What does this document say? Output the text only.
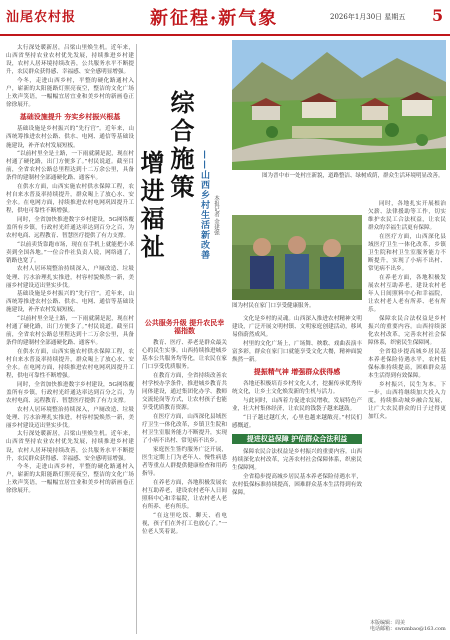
汕尾农村报	新征程·新气象	2026年1月30日 星期五 5

太行深处暖新居，吕梁山里焕生机。近年来，山西省坚持农业农村优先发展，持续推进乡村建设，农村人居环境持续改善，公共服务水平不断提升，农民群众获得感、幸福感、安全感明显增强。

今冬，走进山西乡村，平整的硬化路通村入户，崭新的太阳能路灯照亮夜空，整洁的文化广场上欢声笑语，一幅幅宜居宜业和美乡村的新画卷正徐徐展开。

基础设施提升 夯实乡村振兴根基

基础设施是乡村振兴的“先行官”。近年来，山西统筹推进农村公路、供水、电网、通信等基础设施建设，补齐农村发展短板。

“以前村里全是土路，一下雨就满是泥，现在村村通了硬化路，出门方便多了。”村民说道。截至目前，全省农村公路总里程达到十二万余公里，具备条件的建制村全部通硬化路、通客车。

在供水方面，山西实施农村供水保障工程，农村自来水普及率持续提升，群众喝上了放心水、安全水。在电网方面，持续推进农村电网巩固提升工程，供电可靠性不断增强。

同时，全省加快推进数字乡村建设，5G网络覆盖所有乡镇，行政村光纤通达率达到百分之百，为农村电商、远程教育、智慧医疗提供了有力支撑。

“以前卖货靠跑市场，现在在手机上就能把小米卖到全国各地。”一位合作社负责人说，网络通了，销路也宽了。

农村人居环境整治持续深入，户厕改造、垃圾处理、污水治理扎实推进，村容村貌焕然一新，美丽乡村建设迈出坚实步伐。

基础设施是乡村振兴的“先行官”。近年来，山西统筹推进农村公路、供水、电网、通信等基础设施建设，补齐农村发展短板。

“以前村里全是土路，一下雨就满是泥，现在村村通了硬化路，出门方便多了。”村民说道。截至目前，全省农村公路总里程达到十二万余公里，具备条件的建制村全部通硬化路、通客车。

在供水方面，山西实施农村供水保障工程，农村自来水普及率持续提升，群众喝上了放心水、安全水。在电网方面，持续推进农村电网巩固提升工程，供电可靠性不断增强。

同时，全省加快推进数字乡村建设，5G网络覆盖所有乡镇，行政村光纤通达率达到百分之百，为农村电商、远程教育、智慧医疗提供了有力支撑。

农村人居环境整治持续深入，户厕改造、垃圾处理、污水治理扎实推进，村容村貌焕然一新，美丽乡村建设迈出坚实步伐。

太行深处暖新居，吕梁山里焕生机。近年来，山西省坚持农业农村优先发展，持续推进乡村建设，农村人居环境持续改善，公共服务水平不断提升，农民群众获得感、幸福感、安全感明显增强。

今冬，走进山西乡村，平整的硬化路通村入户，崭新的太阳能路灯照亮夜空，整洁的文化广场上欢声笑语，一幅幅宜居宜业和美乡村的新画卷正徐徐展开。

综合施策
增进福祉	——山西乡村生活新改善 本报记者 金建强
图为晋中市一处村庄新貌，道路整洁、绿树成荫，群众生活环境明显改善。
图为村民在家门口享受健康服务。
公共服务升级 提升农民幸福指数

教育、医疗、养老是群众最关心的民生实事。山西持续推进城乡基本公共服务均等化，让农民在家门口享受优质服务。

在教育方面，全省持续改善农村学校办学条件，推进城乡教育共同体建设，通过集团化办学、教师交流轮岗等方式，让农村孩子也能享受优质教育资源。

在医疗方面，山西深化县域医疗卫生一体化改革，乡镇卫生院和村卫生室服务能力不断提升，实现了小病不出村、常见病不出乡。

家庭医生签约服务广泛开展，医生定期上门为老年人、慢性病患者等重点人群提供健康检查和用药指导。

在养老方面，各地积极发展农村互助养老，建设农村老年人日间照料中心和幸福院，让农村老人老有所养、老有所乐。

“在这里吃饭、聊天、看电视，孩子们在外打工也放心了。”一位老人笑着说。

文化是乡村的灵魂。山西深入推进农村精神文明建设，广泛开展文明村镇、文明家庭创建活动，移风易俗蔚然成风。

村里的文化广场上，广场舞、秧歌、戏曲表演丰富多彩，群众在家门口就能享受文化大餐，精神面貌焕然一新。

提振精气神 增强群众获得感

各地还积极培育乡村文化人才，挖掘传承优秀传统文化，让乡土文化焕发新的生机与活力。

与此同时，山西着力促进农民增收，发展特色产业，壮大村集体经济，让农民的钱袋子越来越鼓。

“日子越过越红火，心里也越来越敞亮。”村民们感慨道。

提进权益保障 护佑群众合法利益

保障农民合法权益是乡村振兴的重要内容。山西持续深化农村改革，完善农村社会保障体系，织密民生保障网。

全省稳步提高城乡居民基本养老保险待遇水平，农村低保标准持续提高，困难群众基本生活得到有效保障。

同时，各地扎实开展根治欠薪、法律援助等工作，切实维护农民工合法权益，让农民群众的幸福生活更有保障。

在医疗方面，山西深化县域医疗卫生一体化改革，乡镇卫生院和村卫生室服务能力不断提升，实现了小病不出村、常见病不出乡。

在养老方面，各地积极发展农村互助养老，建设农村老年人日间照料中心和幸福院，让农村老人老有所养、老有所乐。

保障农民合法权益是乡村振兴的重要内容。山西持续深化农村改革，完善农村社会保障体系，织密民生保障网。

全省稳步提高城乡居民基本养老保险待遇水平，农村低保标准持续提高，困难群众基本生活得到有效保障。

乡村振兴，民生为本。下一步，山西将继续加大投入力度，持续推动城乡融合发展，让广大农民群众的日子过得更加红火。

本版编辑：周美
电话邮箱：swnmbao@163.com
